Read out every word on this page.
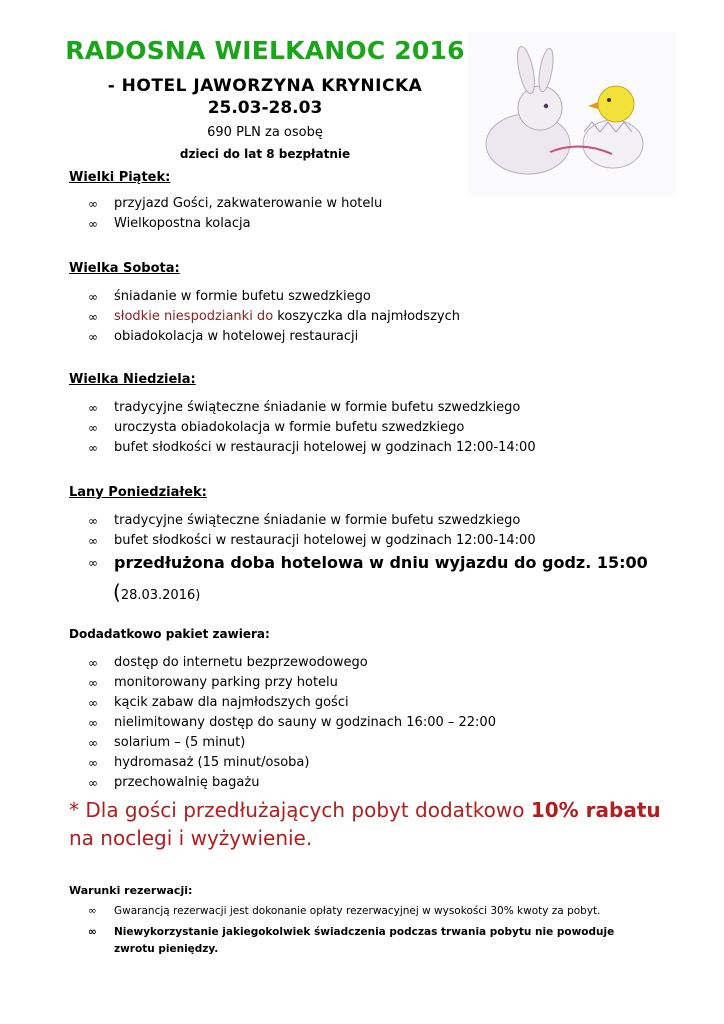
RADOSNA WIELKANOC 2016
- HOTEL JAWORZYNA KRYNICKA
25.03-28.03
690 PLN za osobę
dzieci do lat 8 bezpłatnie
Wielki Piątek:
∞	przyjazd Gości, zakwaterowanie w hotelu
∞	Wielkopostna kolacja
Wielka Sobota:
∞	śniadanie w formie bufetu szwedzkiego
∞	słodkie niespodzianki do koszyczka dla najmłodszych
∞	obiadokolacja w hotelowej restauracji
Wielka Niedziela:
∞	tradycyjne świąteczne śniadanie w formie bufetu szwedzkiego
∞	uroczysta obiadokolacja w formie bufetu szwedzkiego
∞	bufet słodkości w restauracji hotelowej w godzinach 12:00-14:00
Lany Poniedziałek:
∞	tradycyjne świąteczne śniadanie w formie bufetu szwedzkiego
∞	bufet słodkości w restauracji hotelowej w godzinach 12:00-14:00
∞	przedłużona doba hotelowa w dniu wyjazdu do godz. 15:00
(28.03.2016)
Dodadatkowo pakiet zawiera:
∞	dostęp do internetu bezprzewodowego
∞	monitorowany parking przy hotelu
∞	kącik zabaw dla najmłodszych gości
∞	nielimitowany dostęp do sauny w godzinach 16:00 – 22:00
∞	solarium – (5 minut)
∞	hydromasaż (15 minut/osoba)
∞	przechowalnię bagażu
* Dla gości przedłużających pobyt dodatkowo 10% rabatu na noclegi i wyżywienie.
Warunki rezerwacji:
∞ Gwarancją rezerwacji jest dokonanie opłaty rezerwacyjnej w wysokości 30% kwoty za pobyt.
∞ Niewykorzystanie jakiegokolwiek świadczenia podczas trwania pobytu nie powoduje zwrotu pieniędzy.
